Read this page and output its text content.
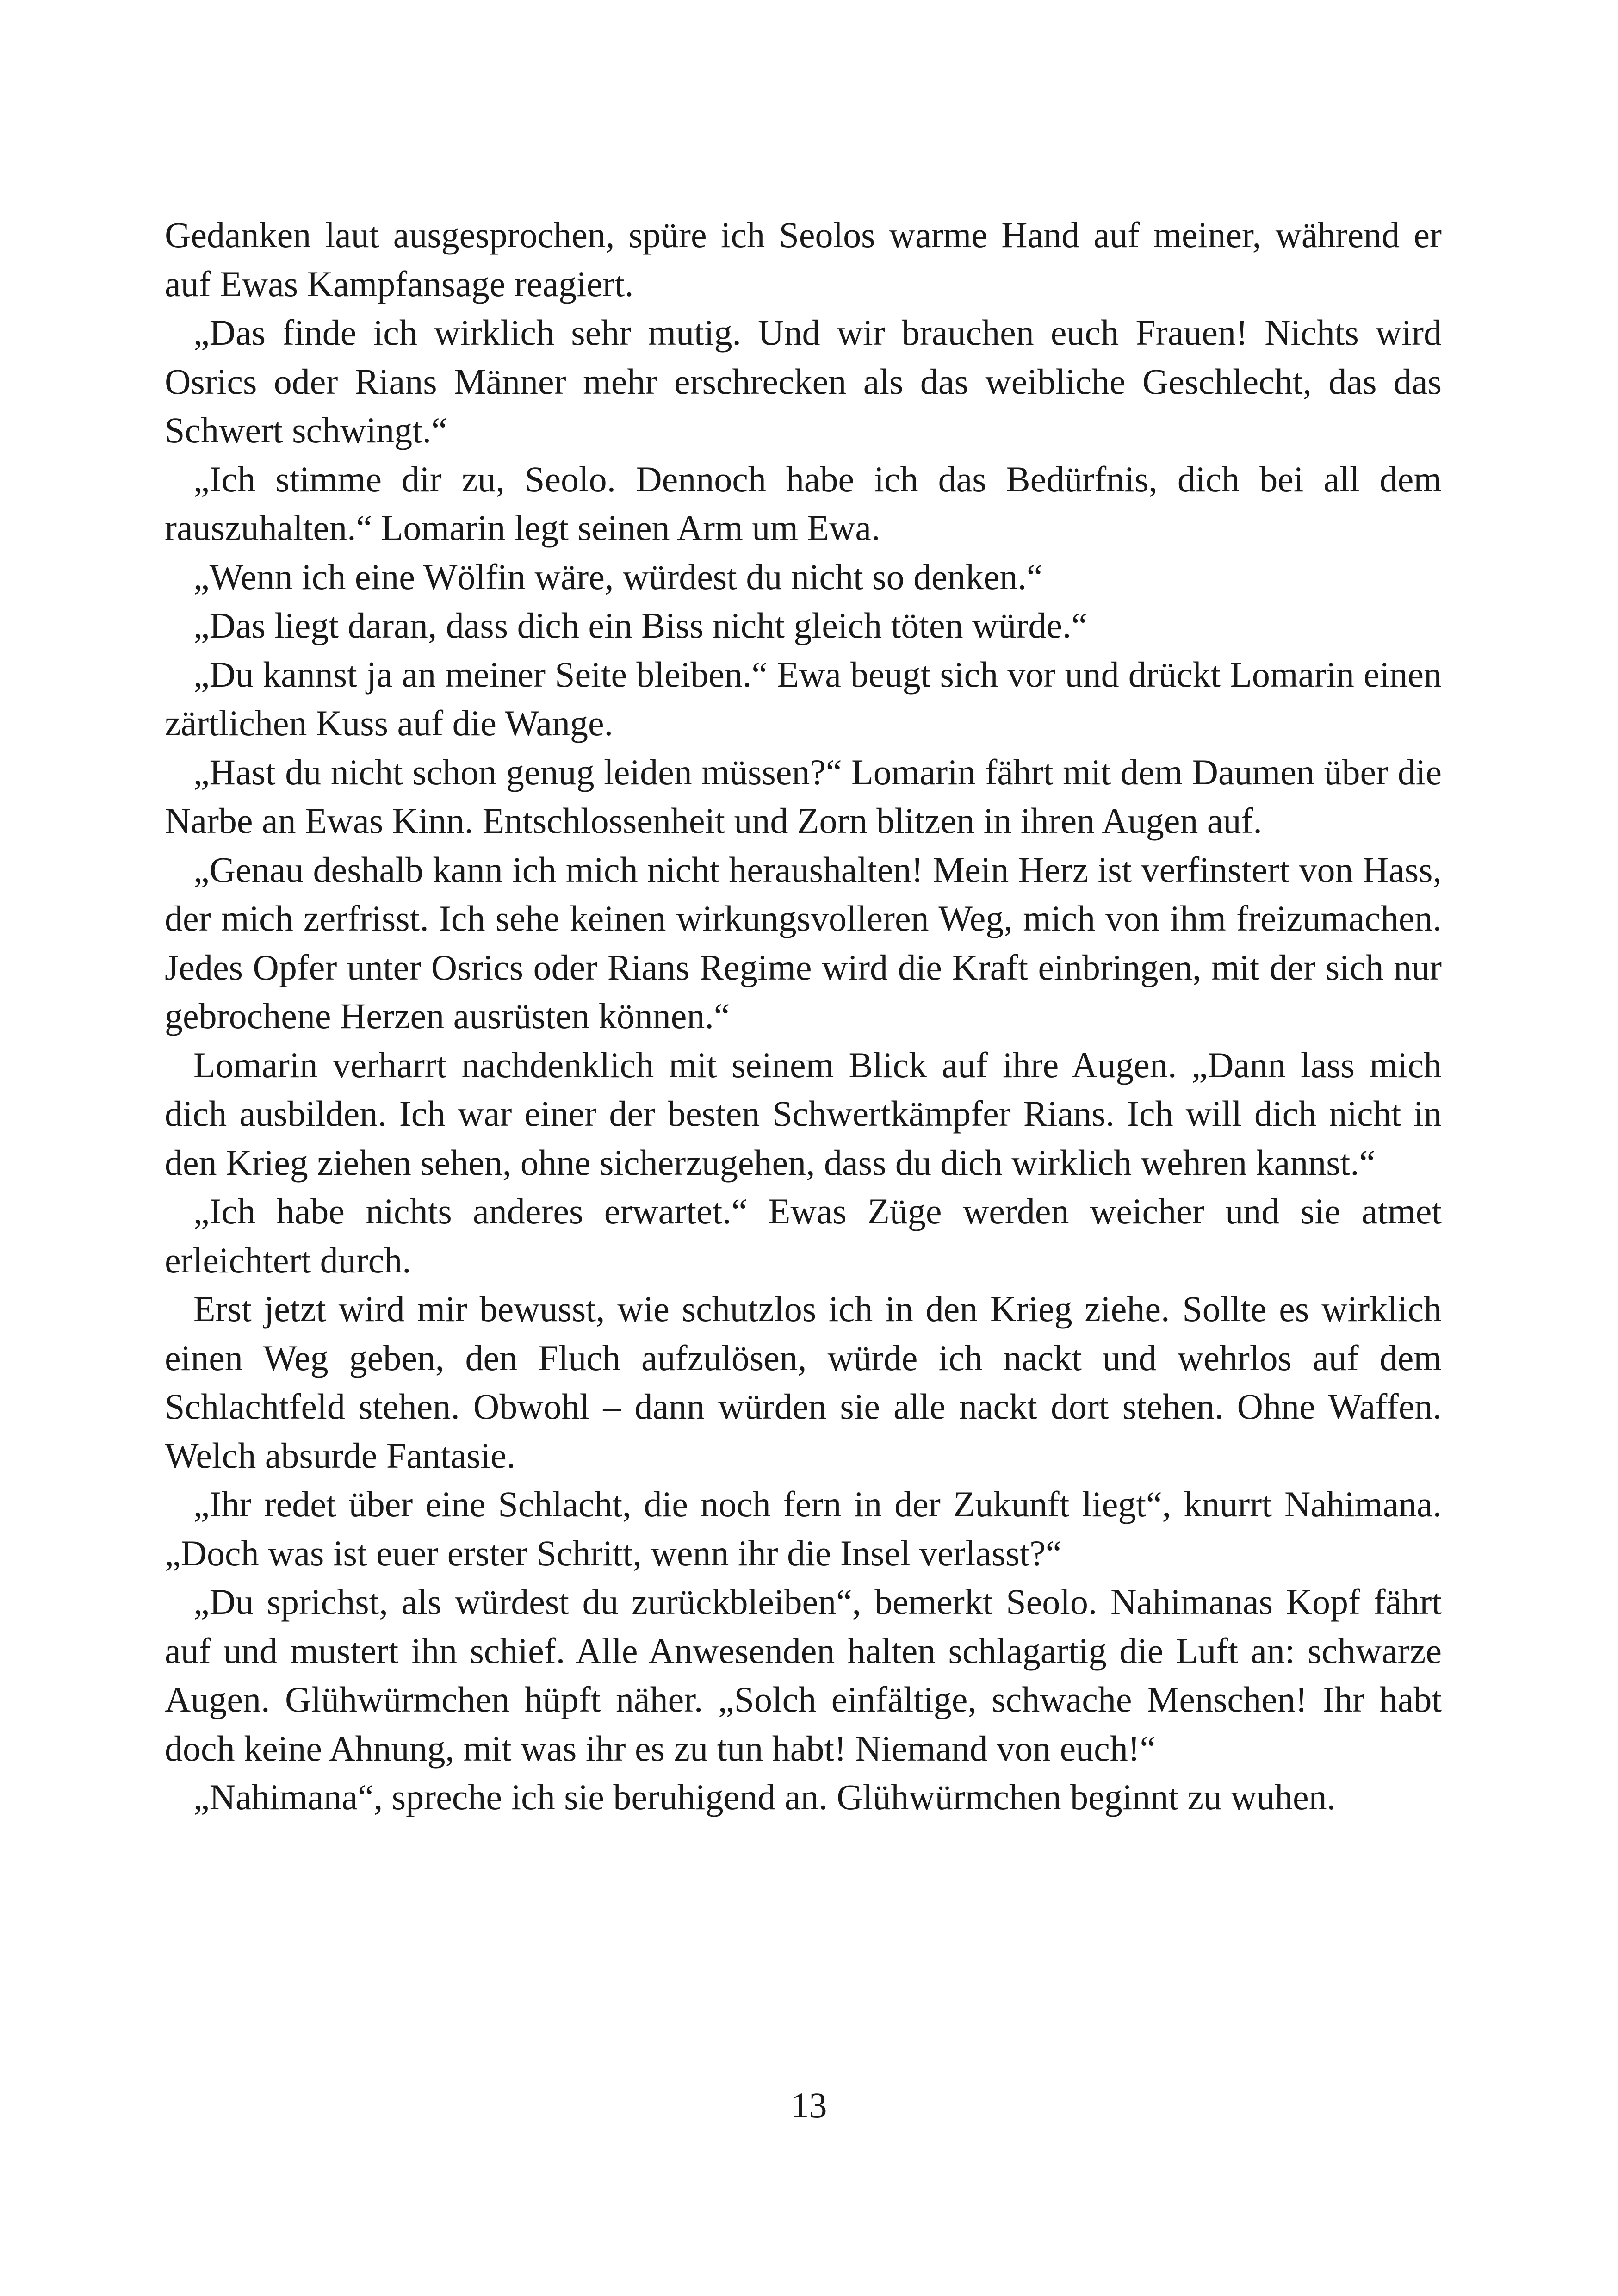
Gedanken laut ausgesprochen, spüre ich Seolos warme Hand auf meiner, während er auf Ewas Kampfansage reagiert.

„Das finde ich wirklich sehr mutig. Und wir brauchen euch Frauen! Nichts wird Osrics oder Rians Männer mehr erschrecken als das weibliche Geschlecht, das das Schwert schwingt.“

„Ich stimme dir zu, Seolo. Dennoch habe ich das Bedürfnis, dich bei all dem rauszuhalten.“ Lomarin legt seinen Arm um Ewa.

„Wenn ich eine Wölfin wäre, würdest du nicht so denken.“

„Das liegt daran, dass dich ein Biss nicht gleich töten würde.“

„Du kannst ja an meiner Seite bleiben.“ Ewa beugt sich vor und drückt Lomarin einen zärtlichen Kuss auf die Wange.

„Hast du nicht schon genug leiden müssen?“ Lomarin fährt mit dem Daumen über die Narbe an Ewas Kinn. Entschlossenheit und Zorn blitzen in ihren Augen auf.

„Genau deshalb kann ich mich nicht heraushalten! Mein Herz ist verfinstert von Hass, der mich zerfrisst. Ich sehe keinen wirkungsvolleren Weg, mich von ihm freizumachen. Jedes Opfer unter Osrics oder Rians Regime wird die Kraft einbringen, mit der sich nur gebrochene Herzen ausrüsten können.“

Lomarin verharrt nachdenklich mit seinem Blick auf ihre Augen. „Dann lass mich dich ausbilden. Ich war einer der besten Schwertkämpfer Rians. Ich will dich nicht in den Krieg ziehen sehen, ohne sicherzugehen, dass du dich wirklich wehren kannst.“

„Ich habe nichts anderes erwartet.“ Ewas Züge werden weicher und sie atmet erleichtert durch.

Erst jetzt wird mir bewusst, wie schutzlos ich in den Krieg ziehe. Sollte es wirklich einen Weg geben, den Fluch aufzulösen, würde ich nackt und wehrlos auf dem Schlachtfeld stehen. Obwohl – dann würden sie alle nackt dort stehen. Ohne Waffen. Welch absurde Fantasie.

„Ihr redet über eine Schlacht, die noch fern in der Zukunft liegt“, knurrt Nahimana. „Doch was ist euer erster Schritt, wenn ihr die Insel verlasst?“

„Du sprichst, als würdest du zurückbleiben“, bemerkt Seolo. Nahimanas Kopf fährt auf und mustert ihn schief. Alle Anwesenden halten schlagartig die Luft an: schwarze Augen. Glühwürmchen hüpft näher. „Solch einfältige, schwache Menschen! Ihr habt doch keine Ahnung, mit was ihr es zu tun habt! Niemand von euch!“

„Nahimana“, spreche ich sie beruhigend an. Glühwürmchen beginnt zu wuhen.

13
